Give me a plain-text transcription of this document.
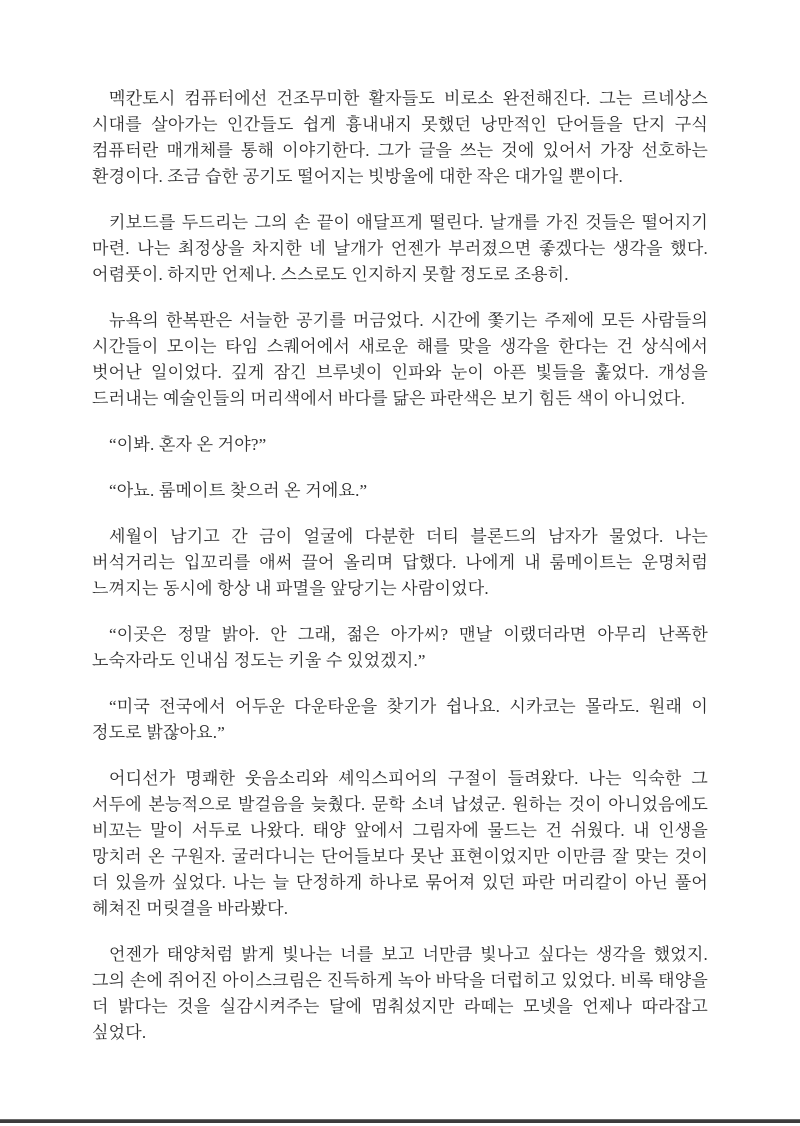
멕칸토시 컴퓨터에선 건조무미한 활자들도 비로소 완전해진다. 그는 르네상스 시대를 살아가는 인간들도 쉽게 흉내내지 못했던 낭만적인 단어들을 단지 구식 컴퓨터란 매개체를 통해 이야기한다. 그가 글을 쓰는 것에 있어서 가장 선호하는 환경이다. 조금 습한 공기도 떨어지는 빗방울에 대한 작은 대가일 뿐이다.

키보드를 두드리는 그의 손 끝이 애달프게 떨린다. 날개를 가진 것들은 떨어지기 마련. 나는 최정상을 차지한 네 날개가 언젠가 부러졌으면 좋겠다는 생각을 했다. 어렴풋이. 하지만 언제나. 스스로도 인지하지 못할 정도로 조용히.

뉴욕의 한복판은 서늘한 공기를 머금었다. 시간에 쫓기는 주제에 모든 사람들의 시간들이 모이는 타임 스퀘어에서 새로운 해를 맞을 생각을 한다는 건 상식에서 벗어난 일이었다. 깊게 잠긴 브루넷이 인파와 눈이 아픈 빛들을 훑었다. 개성을 드러내는 예술인들의 머리색에서 바다를 닮은 파란색은 보기 힘든 색이 아니었다.

“이봐. 혼자 온 거야?”

“아뇨. 룸메이트 찾으러 온 거에요.”

세월이 남기고 간 금이 얼굴에 다분한 더티 블론드의 남자가 물었다. 나는 버석거리는 입꼬리를 애써 끌어 올리며 답했다. 나에게 내 룸메이트는 운명처럼 느껴지는 동시에 항상 내 파멸을 앞당기는 사람이었다.

“이곳은 정말 밝아. 안 그래, 젊은 아가씨? 맨날 이랬더라면 아무리 난폭한 노숙자라도 인내심 정도는 키울 수 있었겠지.”

“미국 전국에서 어두운 다운타운을 찾기가 쉽나요. 시카코는 몰라도. 원래 이 정도로 밝잖아요.”

어디선가 명쾌한 웃음소리와 셰익스피어의 구절이 들려왔다. 나는 익숙한 그 서두에 본능적으로 발걸음을 늦췄다. 문학 소녀 납셨군. 원하는 것이 아니었음에도 비꼬는 말이 서두로 나왔다. 태양 앞에서 그림자에 물드는 건 쉬웠다. 내 인생을 망치러 온 구원자. 굴러다니는 단어들보다 못난 표현이었지만 이만큼 잘 맞는 것이 더 있을까 싶었다. 나는 늘 단정하게 하나로 묶어져 있던 파란 머리칼이 아닌 풀어 헤쳐진 머릿결을 바라봤다.

언젠가 태양처럼 밝게 빛나는 너를 보고 너만큼 빛나고 싶다는 생각을 했었지. 그의 손에 쥐어진 아이스크림은 진득하게 녹아 바닥을 더럽히고 있었다. 비록 태양을 더 밝다는 것을 실감시켜주는 달에 멈춰섰지만 라떼는 모넷을 언제나 따라잡고 싶었다.
